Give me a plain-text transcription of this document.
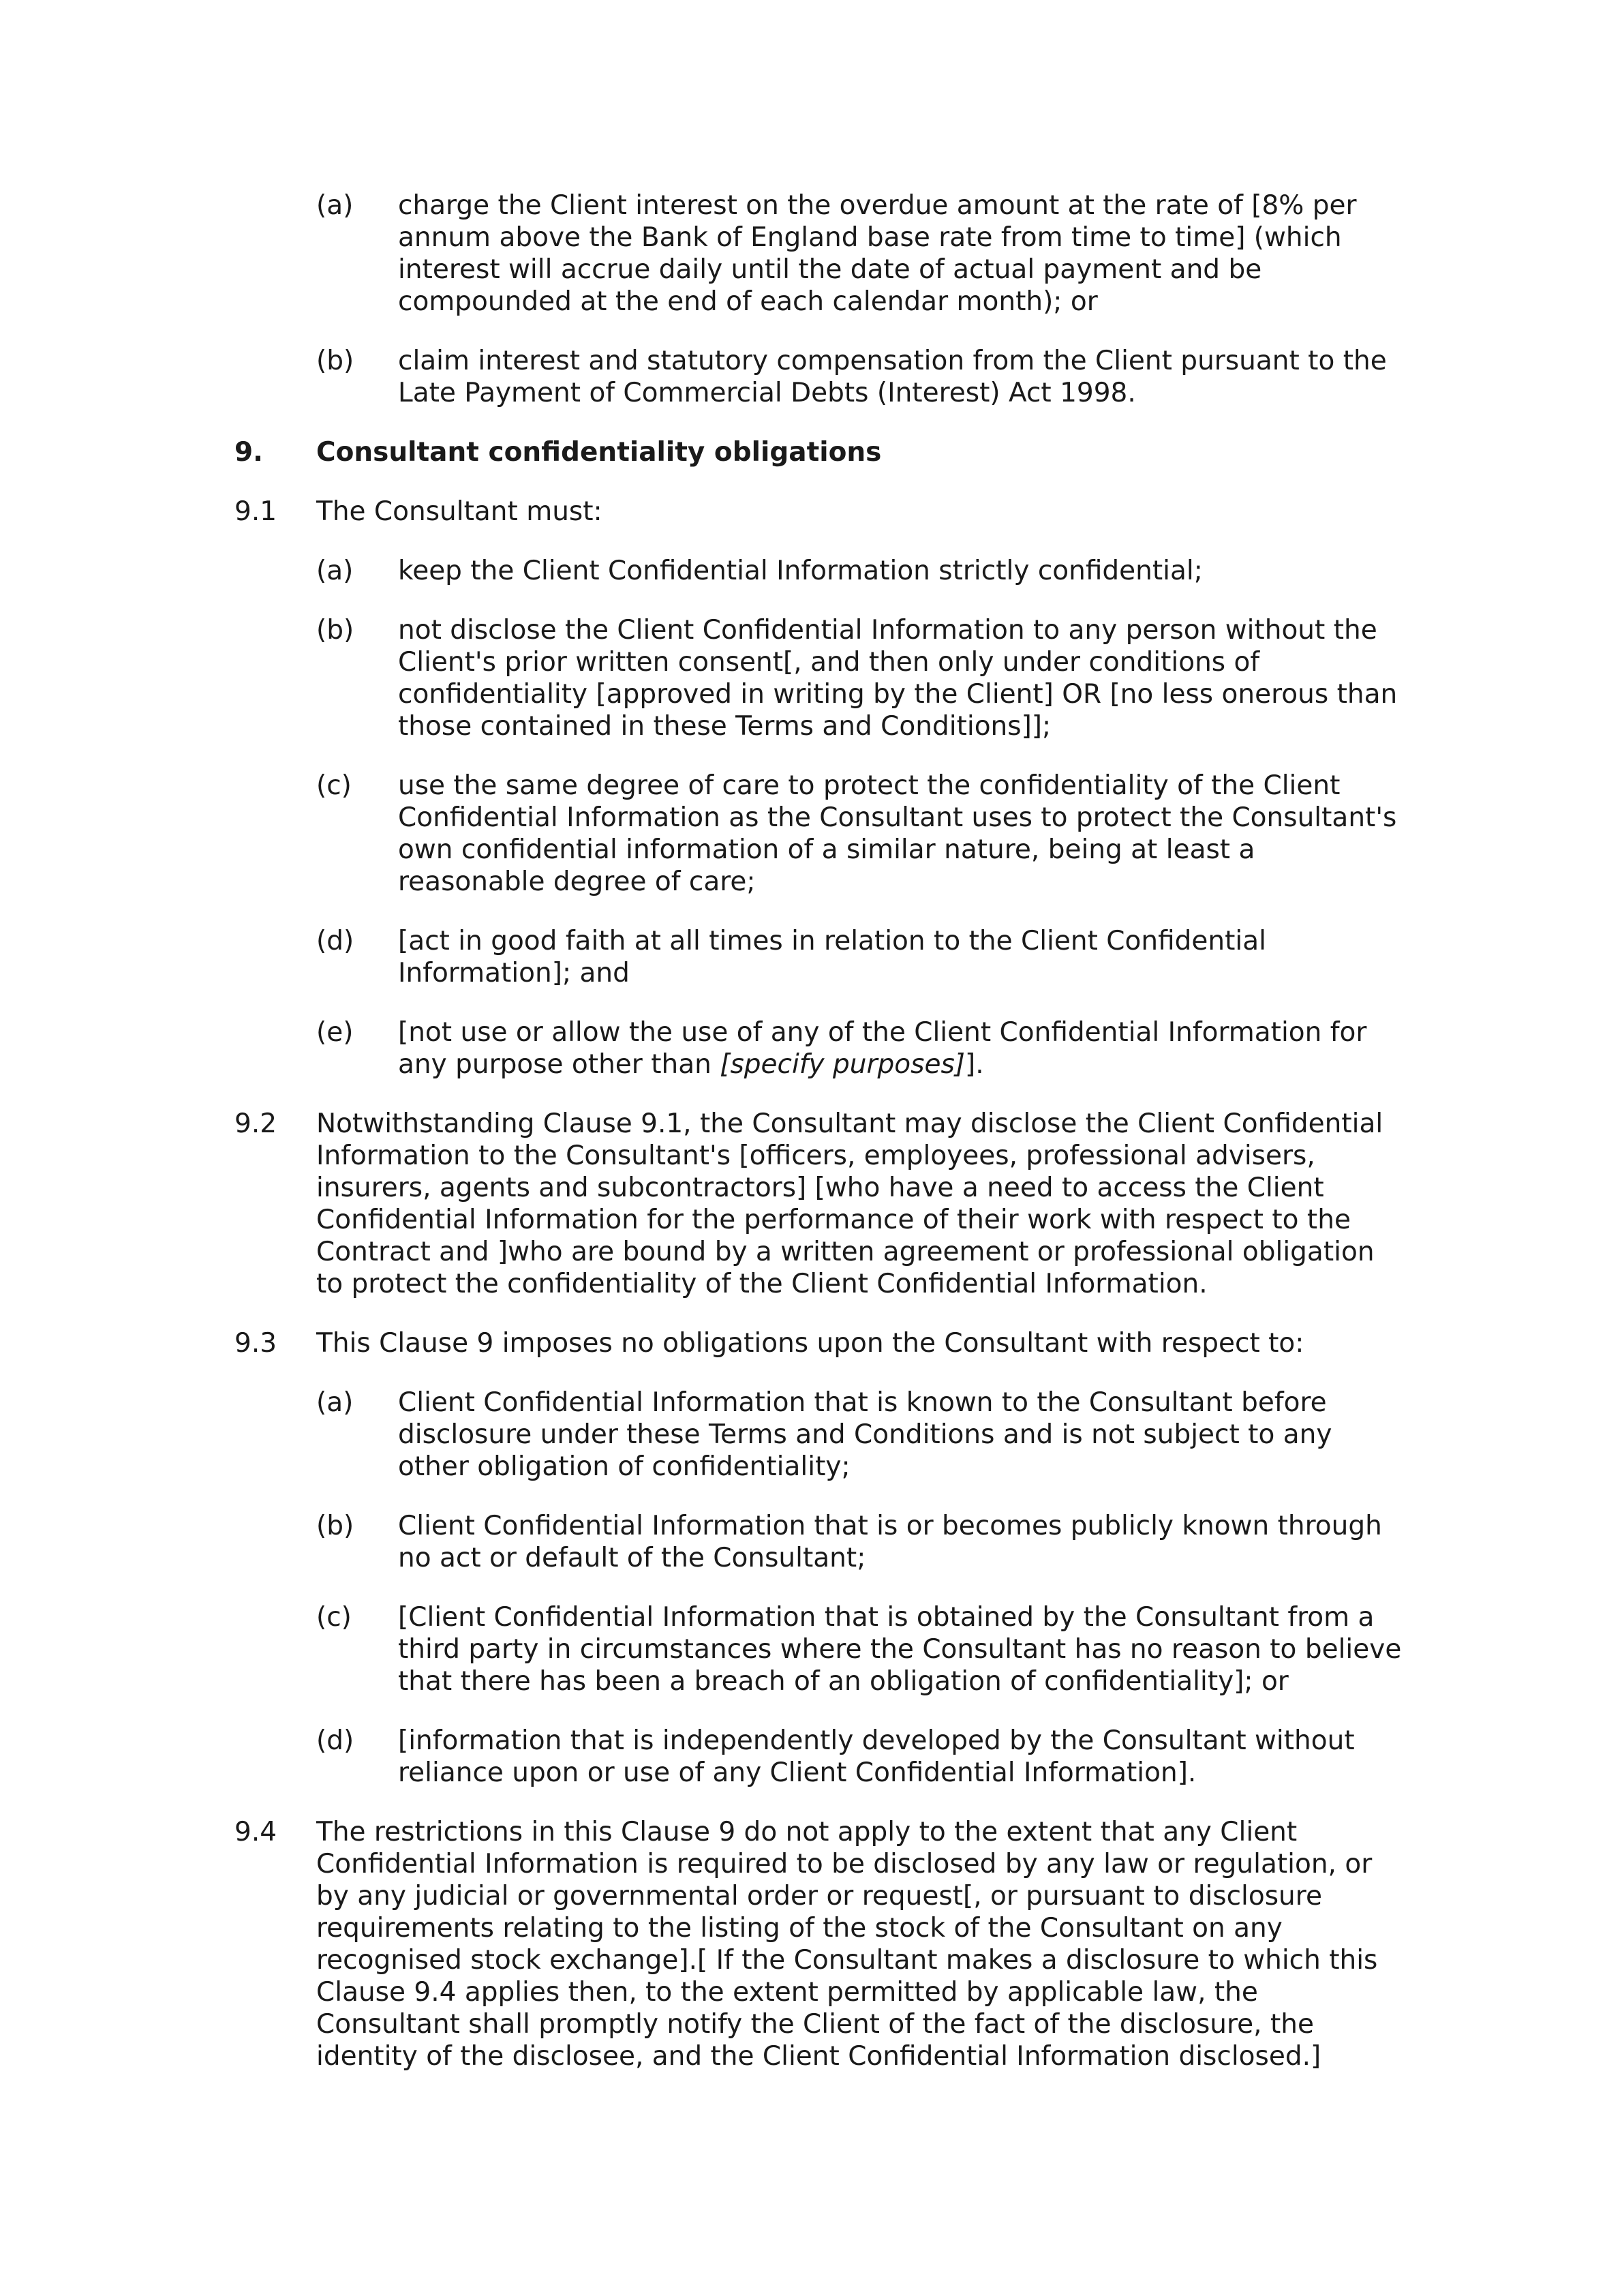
(a) charge the Client interest on the overdue amount at the rate of [8% per annum above the Bank of England base rate from time to time] (which interest will accrue daily until the date of actual payment and be compounded at the end of each calendar month); or
(b) claim interest and statutory compensation from the Client pursuant to the Late Payment of Commercial Debts (Interest) Act 1998.
9. Consultant confidentiality obligations
9.1 The Consultant must:
(a) keep the Client Confidential Information strictly confidential;
(b) not disclose the Client Confidential Information to any person without the Client's prior written consent[, and then only under conditions of confidentiality [approved in writing by the Client] OR [no less onerous than those contained in these Terms and Conditions]];
(c) use the same degree of care to protect the confidentiality of the Client Confidential Information as the Consultant uses to protect the Consultant's own confidential information of a similar nature, being at least a reasonable degree of care;
(d) [act in good faith at all times in relation to the Client Confidential Information]; and
(e) [not use or allow the use of any of the Client Confidential Information for any purpose other than [specify purposes]].
9.2 Notwithstanding Clause 9.1, the Consultant may disclose the Client Confidential Information to the Consultant's [officers, employees, professional advisers, insurers, agents and subcontractors] [who have a need to access the Client Confidential Information for the performance of their work with respect to the Contract and ]who are bound by a written agreement or professional obligation to protect the confidentiality of the Client Confidential Information.
9.3 This Clause 9 imposes no obligations upon the Consultant with respect to:
(a) Client Confidential Information that is known to the Consultant before disclosure under these Terms and Conditions and is not subject to any other obligation of confidentiality;
(b) Client Confidential Information that is or becomes publicly known through no act or default of the Consultant;
(c) [Client Confidential Information that is obtained by the Consultant from a third party in circumstances where the Consultant has no reason to believe that there has been a breach of an obligation of confidentiality]; or
(d) [information that is independently developed by the Consultant without reliance upon or use of any Client Confidential Information].
9.4 The restrictions in this Clause 9 do not apply to the extent that any Client Confidential Information is required to be disclosed by any law or regulation, or by any judicial or governmental order or request[, or pursuant to disclosure requirements relating to the listing of the stock of the Consultant on any recognised stock exchange].[ If the Consultant makes a disclosure to which this Clause 9.4 applies then, to the extent permitted by applicable law, the Consultant shall promptly notify the Client of the fact of the disclosure, the identity of the disclosee, and the Client Confidential Information disclosed.]
